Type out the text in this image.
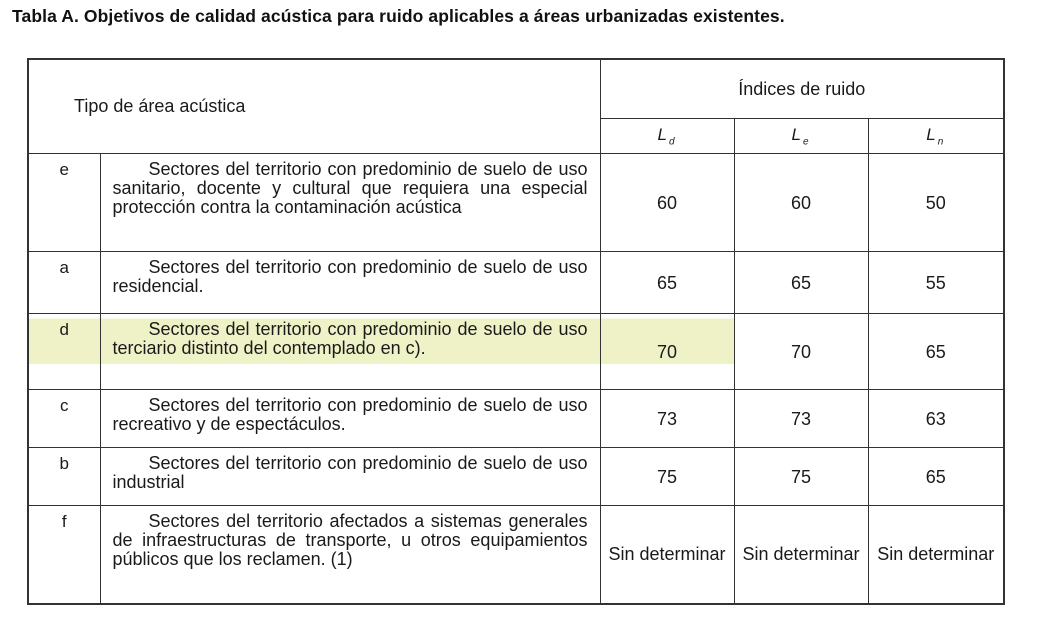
Tabla A. Objetivos de calidad acústica para ruido aplicables a áreas urbanizadas existentes.
Tipo de área acústica		Índices de ruido		
		$L_d$	$L_e$	$L_n$
e	Sectores del territorio con predominio de suelo de uso sanitario, docente y cultural que requiera una especial protección contra la contaminación acústica	60	60	50
a	Sectores del territorio con predominio de suelo de uso residencial.	65	65	55
d	Sectores del territorio con predominio de suelo de uso terciario distinto del contemplado en c).	70	70	65
c	Sectores del territorio con predominio de suelo de uso recreativo y de espectáculos.	73	73	63
b	Sectores del territorio con predominio de suelo de uso industrial	75	75	65
f	Sectores del territorio afectados a sistemas generales de infraestructuras de transporte, u otros equipamientos públicos que los reclamen. (1)	Sin determinar	Sin determinar	Sin determinar
